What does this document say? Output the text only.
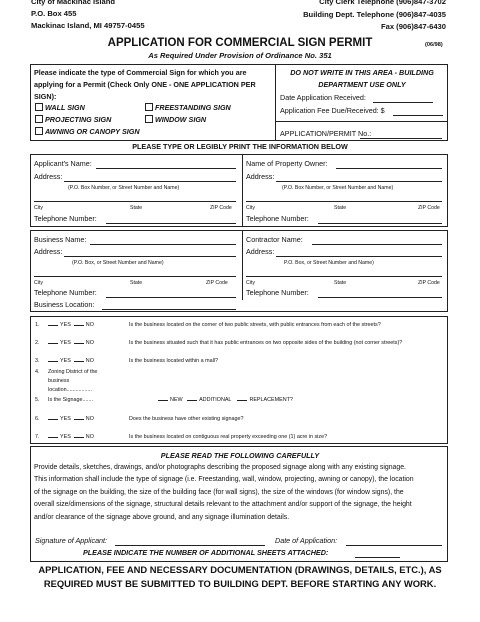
City of Mackinac Island
P.O. Box 455
Mackinac Island, MI 49757-0455
City Clerk Telephone (906)847-3702
Building Dept. Telephone (906)847-4035
Fax (906)847-6430
APPLICATION FOR COMMERCIAL SIGN PERMIT	(06/98)
As Required Under Provision of Ordinance No. 351
Please indicate the type of Commercial Sign for which you are
applying for a Permit (Check Only ONE - ONE APPLICATION PER
SIGN):
WALL SIGN	FREESTANDING SIGN
PROJECTING SIGN	WINDOW SIGN
AWNING OR CANOPY SIGN
DO NOT WRITE IN THIS AREA - BUILDING
DEPARTMENT USE ONLY
Date Application Received:
Application Fee Due/Received: $
APPLICATION/PERMIT No.:
PLEASE TYPE OR LEGIBLY PRINT THE INFORMATION BELOW
Applicant's Name:
Address:
(P.O. Box Number, or Street Number and Name)
City	State	ZIP Code
Telephone Number:
Name of Property Owner:
Address:
(P.O. Box Number, or Street Number and Name)
City	State	ZIP Code
Telephone Number:
Business Name:
Address:
(P.O. Box, or Street Number and Name)
City	State	ZIP Code
Telephone Number:
Business Location:
Contractor Name:
Address:
P.O. Box, or Street Number and Name)
City	State	ZIP Code
Telephone Number:
1.	YES	NO	Is the business located on the corner of two public streets, with public entrances from each of the streets?
2.	YES	NO	Is the business situated such that it has public entrances on two opposite sides of the building (not corner streets)?
3.	YES	NO	Is the business located within a mall?
4. Zoning District of the
business
location.................
5. Is the Signage.......	NEW	ADDITIONAL	REPLACEMENT?
6.	YES	NO	Does the business have other existing signage?
7.	YES	NO	Is the business located on contiguous real property exceeding one (1) acre in size?
PLEASE READ THE FOLLOWING CAREFULLY
Provide details, sketches, drawings, and/or photographs describing the proposed signage along with any existing signage.
This information shall include the type of signage (i.e. Freestanding, wall, window, projecting, awning or canopy), the location
of the signage on the building, the size of the building face (for wall signs), the size of the windows (for window signs), the
overall size/dimensions of the signage, structural details relevant to the attachment and/or support of the signage, the height
and/or clearance of the signage above ground, and any signage illumination details.
Signature of Applicant:	Date of Application:
PLEASE INDICATE THE NUMBER OF ADDITIONAL SHEETS ATTACHED:
APPLICATION, FEE AND NECESSARY DOCUMENTATION (DRAWINGS, DETAILS, ETC.), AS
REQUIRED MUST BE SUBMITTED TO BUILDING DEPT. BEFORE STARTING ANY WORK.
